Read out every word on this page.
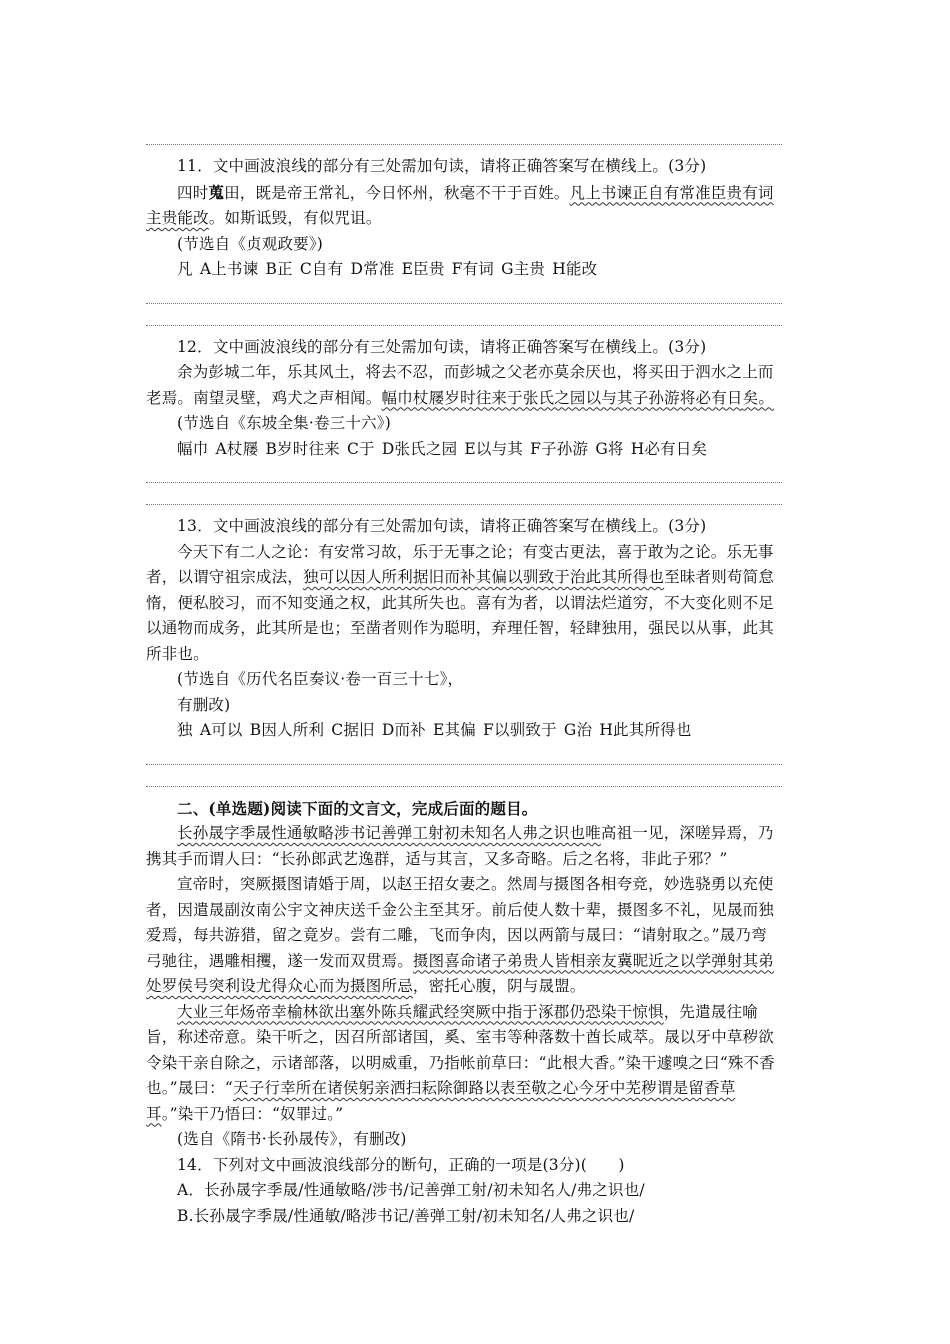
11．文中画波浪线的部分有三处需加句读，请将正确答案写在横线上。(3分)

四时蒐田，既是帝王常礼，今日怀州，秋毫不干于百姓。凡上书谏正自有常准臣贵有词主贵能改。如斯诋毁，有似咒诅。

(节选自《贞观政要》)

凡 A上书谏 B正 C自有 D常准 E臣贵 F有词 G主贵 H能改

12．文中画波浪线的部分有三处需加句读，请将正确答案写在横线上。(3分)

余为彭城二年，乐其风土，将去不忍，而彭城之父老亦莫余厌也，将买田于泗水之上而老焉。南望灵壁，鸡犬之声相闻。幅巾杖屦岁时往来于张氏之园以与其子孙游将必有日矣。

(节选自《东坡全集·卷三十六》)

幅巾 A杖屦 B岁时往来 C于 D张氏之园 E以与其 F子孙游 G将 H必有日矣

13．文中画波浪线的部分有三处需加句读，请将正确答案写在横线上。(3分)

今天下有二人之论：有安常习故，乐于无事之论；有变古更法，喜于敢为之论。乐无事者，以谓守祖宗成法，独可以因人所利据旧而补其偏以驯致于治此其所得也至昧者则苟简怠惰，便私胶习，而不知变通之权，此其所失也。喜有为者，以谓法烂道穷，不大变化则不足以通物而成务，此其所是也；至凿者则作为聪明，弃理任智，轻肆独用，强民以从事，此其所非也。

(节选自《历代名臣奏议·卷一百三十七》，

有删改)

独 A可以 B因人所利 C据旧 D而补 E其偏 F以驯致于 G治 H此其所得也

二、(单选题)阅读下面的文言文，完成后面的题目。

长孙晟字季晟性通敏略涉书记善弹工射初未知名人弗之识也唯高祖一见，深嗟异焉，乃携其手而谓人曰：“长孙郎武艺逸群，适与其言，又多奇略。后之名将，非此子邪？”

宣帝时，突厥摄图请婚于周，以赵王招女妻之。然周与摄图各相夸竞，妙选骁勇以充使者，因遣晟副汝南公宇文神庆送千金公主至其牙。前后使人数十辈，摄图多不礼，见晟而独爱焉，每共游猎，留之竟岁。尝有二雕，飞而争肉，因以两箭与晟曰：“请射取之。”晟乃弯弓驰往，遇雕相攫，遂一发而双贯焉。摄图喜命诸子弟贵人皆相亲友冀昵近之以学弹射其弟处罗侯号突利设尤得众心而为摄图所忌，密托心腹，阴与晟盟。

大业三年炀帝幸榆林欲出塞外陈兵耀武经突厥中指于涿郡仍恐染干惊惧，先遣晟往喻旨，称述帝意。染干听之，因召所部诸国，奚、室韦等种落数十酋长咸萃。晟以牙中草秽欲令染干亲自除之，示诸部落，以明威重，乃指帐前草曰：“此根大香。”染干遽嗅之曰“殊不香也。”晟曰：“天子行幸所在诸侯躬亲洒扫耘除御路以表至敬之心今牙中芜秽谓是留香草耳。”染干乃悟曰：“奴罪过。”

(选自《隋书·长孙晟传》，有删改)

14．下列对文中画波浪线部分的断句，正确的一项是(3分)(　　)

A．长孙晟字季晟/性通敏略/涉书/记善弹工射/初未知名人/弗之识也/

B.长孙晟字季晟/性通敏/略涉书记/善弹工射/初未知名/人弗之识也/
